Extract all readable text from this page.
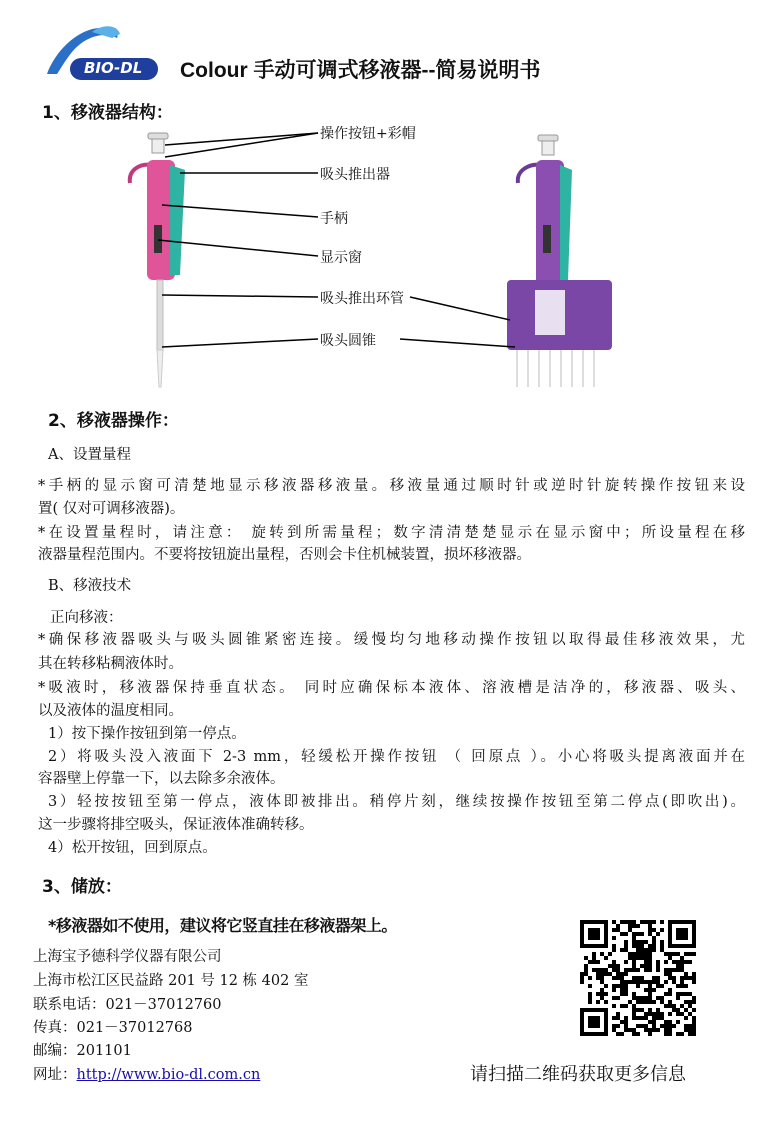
BIO-DL Colour 手动可调式移液器--简易说明书
1、移液器结构：
操作按钮+彩帽
吸头推出器
手柄
显示窗
吸头推出环管
吸头圆锥
2、移液器操作：
A、设置量程
*手柄的显示窗可清楚地显示移液器移液量。移液量通过顺时针或逆时针旋转操作按钮来设
置( 仅对可调移液器)。
*在设置量程时，请注意： 旋转到所需量程；数字清清楚楚显示在显示窗中；所设量程在移
液器量程范围内。不要将按钮旋出量程，否则会卡住机械装置，损坏移液器。
B、移液技术
正向移液：
*确保移液器吸头与吸头圆锥紧密连接。缓慢均匀地移动操作按钮以取得最佳移液效果，尤
其在转移粘稠液体时。
*吸液时，移液器保持垂直状态。 同时应确保标本液体、溶液槽是洁净的，移液器、吸头、
以及液体的温度相同。
1）按下操作按钮到第一停点。
2）将吸头没入液面下 2-3 mm，轻缓松开操作按钮 （ 回原点 ）。小心将吸头提离液面并在
容器壁上停靠一下，以去除多余液体。
3）轻按按钮至第一停点，液体即被排出。稍停片刻，继续按操作按钮至第二停点(即吹出)。
这一步骤将排空吸头，保证液体准确转移。
4）松开按钮，回到原点。
3、储放：
*移液器如不使用，建议将它竖直挂在移液器架上。
上海宝予德科学仪器有限公司
上海市松江区民益路 201 号 12 栋 402 室
联系电话：021－37012760
传真：021－37012768
邮编：201101
网址：http://www.bio-dl.com.cn	请扫描二维码获取更多信息
